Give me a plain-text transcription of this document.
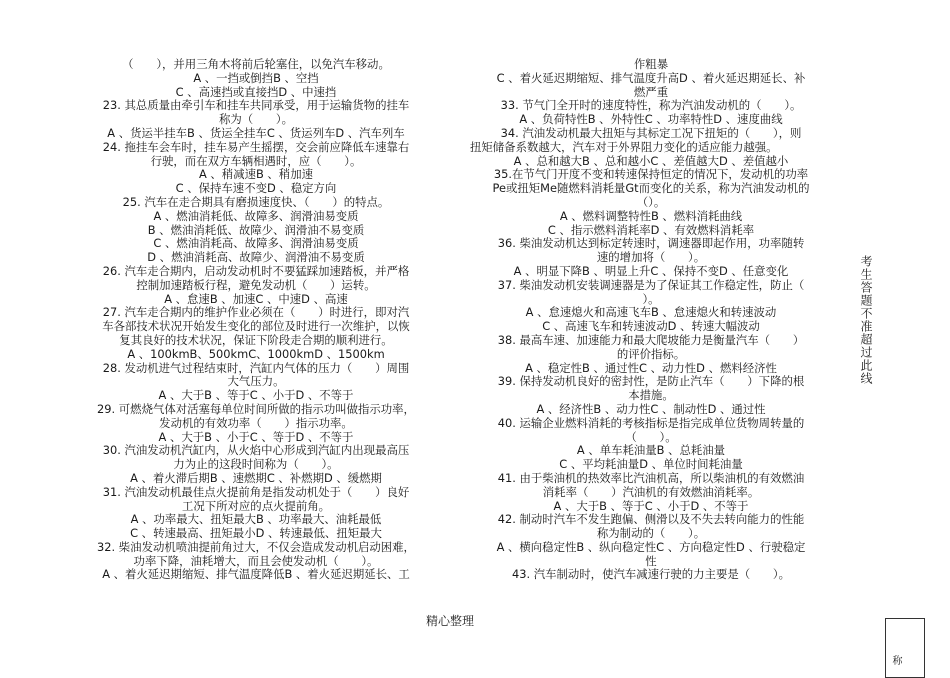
（　　），并用三角木将前后轮塞住，以免汽车移动。
A 、一挡或倒挡B 、空挡
C 、高速挡或直接挡D 、中速挡
23. 其总质量由牵引车和挂车共同承受，用于运输货物的挂车
称为（　　）。
A 、货运半挂车B 、货运全挂车C 、货运列车D 、汽车列车
24. 拖挂车会车时，挂车易产生摇摆，交会前应降低车速靠右
行驶，而在双方车辆相遇时，应（　　）。
A 、稍减速B 、稍加速
C 、保持车速不变D 、稳定方向
25. 汽车在走合期具有磨损速度快、（　　）的特点。
A 、燃油消耗低、故障多、润滑油易变质
B 、燃油消耗低、故障少、润滑油不易变质
C 、燃油消耗高、故障多、润滑油易变质
D 、燃油消耗高、故障少、润滑油不易变质
26. 汽车走合期内，启动发动机时不要猛踩加速踏板，并严格
控制加速踏板行程，避免发动机（　　）运转。
A 、怠速B 、加速C 、中速D 、高速
27. 汽车走合期内的维护作业必须在（　　）时进行，即对汽
车各部技术状况开始发生变化的部位及时进行一次维护，以恢
复其良好的技术状况，保证下阶段走合期的顺利进行。
A 、100kmB、500kmC、1000kmD 、1500km
28. 发动机进气过程结束时，汽缸内气体的压力（　　）周围
大气压力。
A 、大于B 、等于C 、小于D 、不等于
29. 可燃烧气体对活塞每单位时间所做的指示功叫做指示功率，
发动机的有效功率（　　）指示功率。
A 、大于B 、小于C 、等于D 、不等于
30. 汽油发动机汽缸内，从火焰中心形成到汽缸内出现最高压
力为止的这段时间称为（　　）。
A 、着火滞后期B 、速燃期C 、补燃期D 、缓燃期
31. 汽油发动机最佳点火提前角是指发动机处于（　　）良好
工况下所对应的点火提前角。
A 、功率最大、扭矩最大B 、功率最大、油耗最低
C 、转速最高、扭矩最小D 、转速最低、扭矩最大
32. 柴油发动机喷油提前角过大，不仅会造成发动机启动困难，
功率下降，油耗增大，而且会使发动机（　　）。
A 、着火延迟期缩短、排气温度降低B 、着火延迟期延长、工
作粗暴
C 、着火延迟期缩短、排气温度升高D 、着火延迟期延长、补
燃严重
33. 节气门全开时的速度特性，称为汽油发动机的（　　）。
A 、负荷特性B 、外特性C 、功率特性D 、速度曲线
34. 汽油发动机最大扭矩与其标定工况下扭矩的（　　），则
扭矩储备系数越大，汽车对于外界阻力变化的适应能力越强。
A 、总和越大B 、总和越小C 、差值越大D 、差值越小
35.在节气门开度不变和转速保持恒定的情况下，发动机的功率
Pe或扭矩Me随燃料消耗量Gt而变化的关系，称为汽油发动机的
（）。
A 、燃料调整特性B 、燃料消耗曲线
C 、指示燃料消耗率D 、有效燃料消耗率
36. 柴油发动机达到标定转速时，调速器即起作用，功率随转
速的增加将（　　）。
A 、明显下降B 、明显上升C 、保持不变D 、任意变化
37. 柴油发动机安装调速器是为了保证其工作稳定性，防止（
）。
A 、怠速熄火和高速飞车B 、怠速熄火和转速波动
C 、高速飞车和转速波动D 、转速大幅波动
38. 最高车速、加速能力和最大爬坡能力是衡量汽车（　　）
的评价指标。
A 、稳定性B 、通过性C 、动力性D 、燃料经济性
39. 保持发动机良好的密封性，是防止汽车（　　）下降的根
本措施。
A 、经济性B 、动力性C 、制动性D 、通过性
40. 运输企业燃料消耗的考核指标是指完成单位货物周转量的
（　　）。
A 、单车耗油量B 、总耗油量
C 、平均耗油量D 、单位时间耗油量
41. 由于柴油机的热效率比汽油机高，所以柴油机的有效燃油
消耗率（　　）汽油机的有效燃油消耗率。
A 、大于B 、等于C 、小于D 、不等于
42. 制动时汽车不发生跑偏、侧滑以及不失去转向能力的性能
称为制动的（　　）。
A 、横向稳定性B 、纵向稳定性C 、方向稳定性D 、行驶稳定
性
43. 汽车制动时，使汽车减速行驶的力主要是（　　）。
精心整理
考生答题不准超过此线
称
